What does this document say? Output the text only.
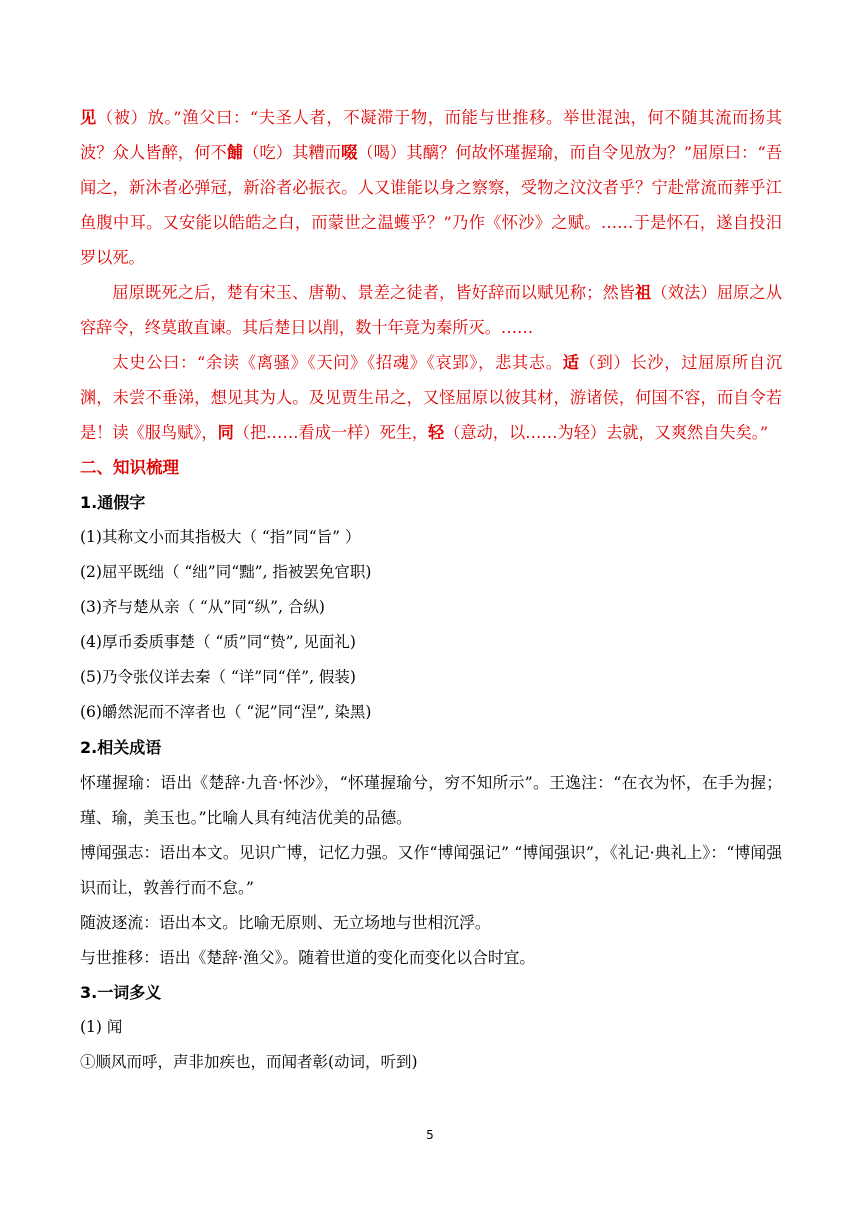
见（被）放。”渔父曰：“夫圣人者，不凝滞于物，而能与世推移。举世混浊，何不随其流而扬其波？众人皆醉，何不餔（吃）其糟而啜（喝）其醨？何故怀瑾握瑜，而自令见放为？”屈原曰：“吾闻之，新沐者必弹冠，新浴者必振衣。人又谁能以身之察察，受物之汶汶者乎？宁赴常流而葬乎江鱼腹中耳。又安能以皓皓之白，而蒙世之温蠖乎？”乃作《怀沙》之赋。……于是怀石，遂自投汨罗以死。

屈原既死之后，楚有宋玉、唐勒、景差之徒者，皆好辞而以赋见称；然皆祖（效法）屈原之从容辞令，终莫敢直谏。其后楚日以削，数十年竟为秦所灭。……

太史公曰：“余读《离骚》《天问》《招魂》《哀郢》，悲其志。适（到）长沙，过屈原所自沉渊，未尝不垂涕，想见其为人。及见贾生吊之，又怪屈原以彼其材，游诸侯，何国不容，而自令若是！读《服鸟赋》，同（把……看成一样）死生，轻（意动，以……为轻）去就，又爽然自失矣。”

二、知识梳理

1.通假字

(1)其称文小而其指极大（ “指”同“旨” ）

(2)屈平既绌（ “绌”同“黜”, 指被罢免官职)

(3)齐与楚从亲（ “从”同“纵”, 合纵)

(4)厚币委质事楚（ “质”同“贽”, 见面礼)

(5)乃令张仪详去秦（ “详”同“佯”, 假装)

(6)皭然泥而不滓者也（ “泥”同“涅”, 染黑)

2.相关成语

怀瑾握瑜：语出《楚辞·九音·怀沙》，“怀瑾握瑜兮，穷不知所示”。王逸注：“在衣为怀，在手为握；瑾、瑜，美玉也。”比喻人具有纯洁优美的品德。

博闻强志：语出本文。见识广博，记忆力强。又作“博闻强记” “博闻强识”，《礼记·典礼上》：“博闻强识而让，敦善行而不怠。”

随波逐流：语出本文。比喻无原则、无立场地与世相沉浮。

与世推移：语出《楚辞·渔父》。随着世道的变化而变化以合时宜。

3.一词多义

(1) 闻

①顺风而呼，声非加疾也，而闻者彰(动词，听到)

5
